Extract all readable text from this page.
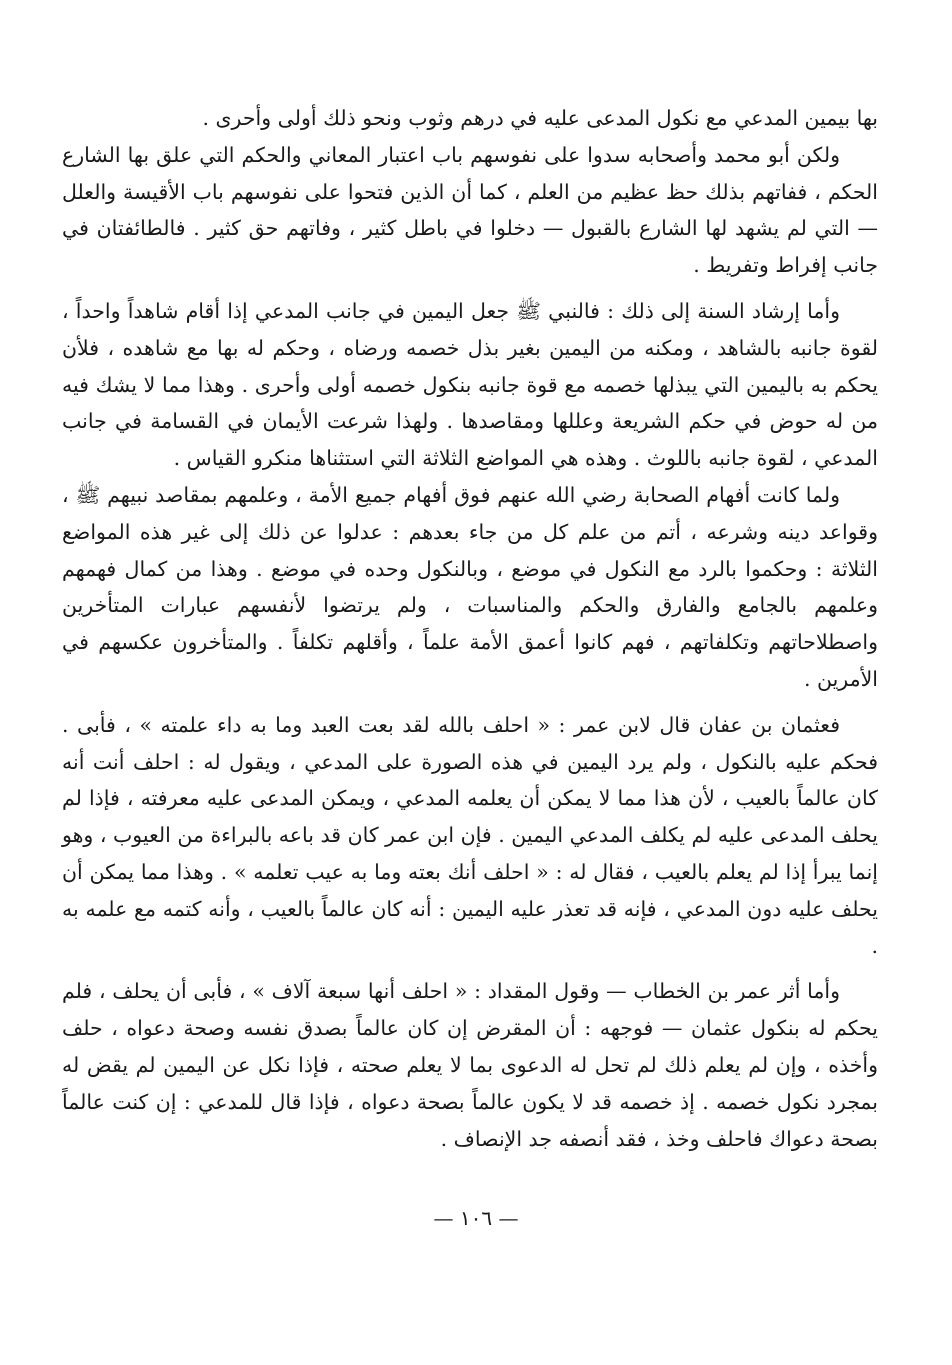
بها بيمين المدعي مع نكول المدعى عليه في درهم وثوب ونحو ذلك أولى وأحرى .

ولكن أبو محمد وأصحابه سدوا على نفوسهم باب اعتبار المعاني والحكم التي علق بها الشارع الحكم ، ففاتهم بذلك حظ عظيم من العلم ، كما أن الذين فتحوا على نفوسهم باب الأقيسة والعلل — التي لم يشهد لها الشارع بالقبول — دخلوا في باطل كثير ، وفاتهم حق كثير . فالطائفتان في جانب إفراط وتفريط .

وأما إرشاد السنة إلى ذلك : فالنبي ﷺ جعل اليمين في جانب المدعي إذا أقام شاهداً واحداً ، لقوة جانبه بالشاهد ، ومكنه من اليمين بغير بذل خصمه ورضاه ، وحكم له بها مع شاهده ، فلأن يحكم به باليمين التي يبذلها خصمه مع قوة جانبه بنكول خصمه أولى وأحرى . وهذا مما لا يشك فيه من له حوض في حكم الشريعة وعللها ومقاصدها . ولهذا شرعت الأيمان في القسامة في جانب المدعي ، لقوة جانبه باللوث . وهذه هي المواضع الثلاثة التي استثناها منكرو القياس .

ولما كانت أفهام الصحابة رضي الله عنهم فوق أفهام جميع الأمة ، وعلمهم بمقاصد نبيهم ﷺ ، وقواعد دينه وشرعه ، أتم من علم كل من جاء بعدهم : عدلوا عن ذلك إلى غير هذه المواضع الثلاثة : وحكموا بالرد مع النكول في موضع ، وبالنكول وحده في موضع . وهذا من كمال فهمهم وعلمهم بالجامع والفارق والحكم والمناسبات ، ولم يرتضوا لأنفسهم عبارات المتأخرين واصطلاحاتهم وتكلفاتهم ، فهم كانوا أعمق الأمة علماً ، وأقلهم تكلفاً . والمتأخرون عكسهم في الأمرين .

فعثمان بن عفان قال لابن عمر : « احلف بالله لقد بعت العبد وما به داء علمته » ، فأبى . فحكم عليه بالنكول ، ولم يرد اليمين في هذه الصورة على المدعي ، ويقول له : احلف أنت أنه كان عالماً بالعيب ، لأن هذا مما لا يمكن أن يعلمه المدعي ، ويمكن المدعى عليه معرفته ، فإذا لم يحلف المدعى عليه لم يكلف المدعي اليمين . فإن ابن عمر كان قد باعه بالبراءة من العيوب ، وهو إنما يبرأ إذا لم يعلم بالعيب ، فقال له : « احلف أنك بعته وما به عيب تعلمه » . وهذا مما يمكن أن يحلف عليه دون المدعي ، فإنه قد تعذر عليه اليمين : أنه كان عالماً بالعيب ، وأنه كتمه مع علمه به .

وأما أثر عمر بن الخطاب — وقول المقداد : « احلف أنها سبعة آلاف » ، فأبى أن يحلف ، فلم يحكم له بنكول عثمان — فوجهه : أن المقرض إن كان عالماً بصدق نفسه وصحة دعواه ، حلف وأخذه ، وإن لم يعلم ذلك لم تحل له الدعوى بما لا يعلم صحته ، فإذا نكل عن اليمين لم يقض له بمجرد نكول خصمه . إذ خصمه قد لا يكون عالماً بصحة دعواه ، فإذا قال للمدعي : إن كنت عالماً بصحة دعواك فاحلف وخذ ، فقد أنصفه جد الإنصاف .

— ١٠٦ —
